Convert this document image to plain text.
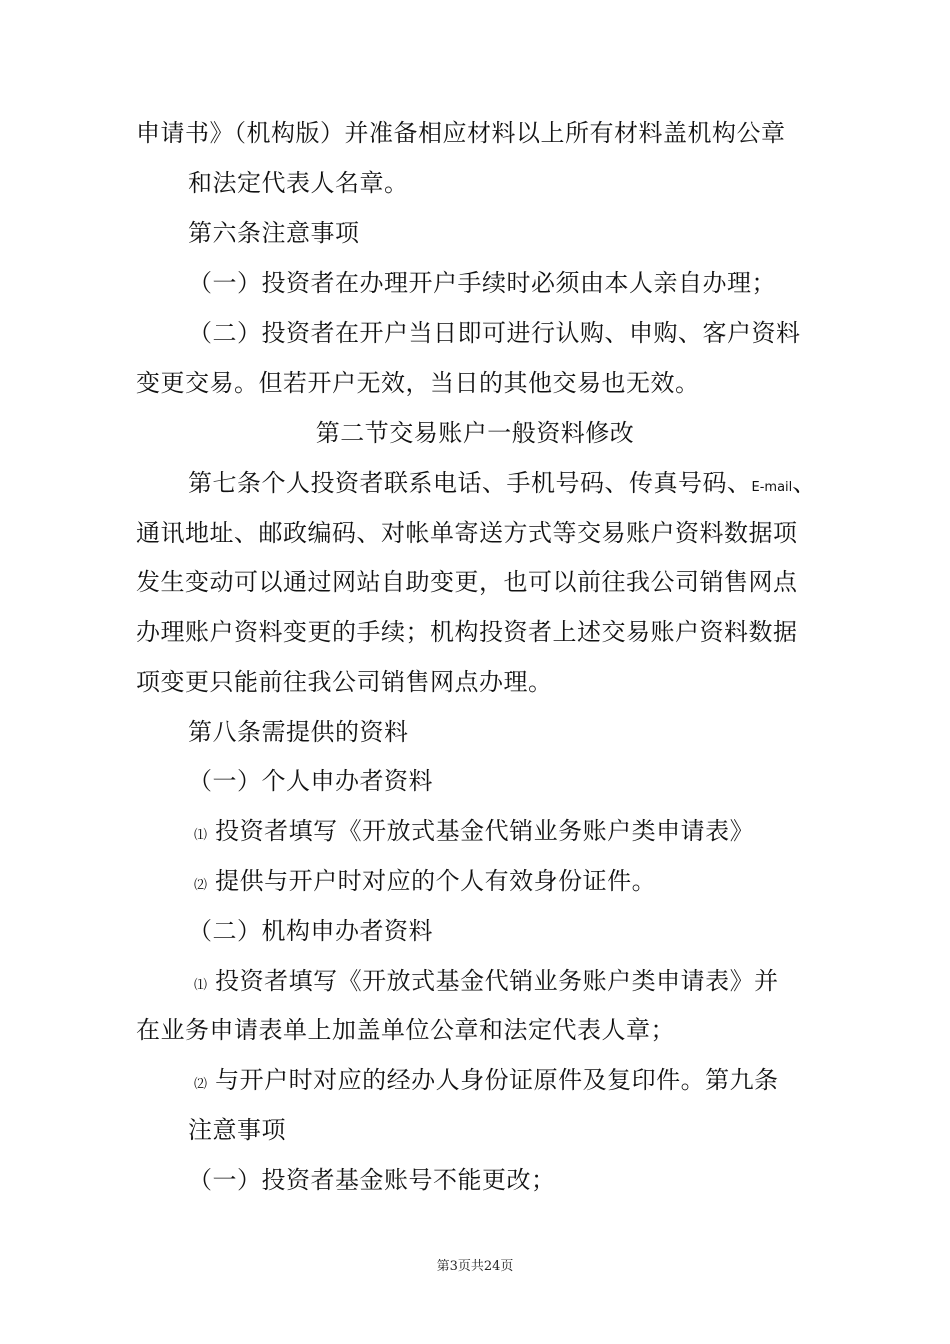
申请书》（机构版）并准备相应材料以上所有材料盖机构公章
和法定代表人名章。
第六条注意事项
（一）投资者在办理开户手续时必须由本人亲自办理；
（二）投资者在开户当日即可进行认购、申购、客户资料
变更交易。但若开户无效，当日的其他交易也无效。
第二节交易账户一般资料修改
第七条个人投资者联系电话、手机号码、传真号码、E-mail、
通讯地址、邮政编码、对帐单寄送方式等交易账户资料数据项
发生变动可以通过网站自助变更，也可以前往我公司销售网点
办理账户资料变更的手续；机构投资者上述交易账户资料数据
项变更只能前往我公司销售网点办理。
第八条需提供的资料
（一）个人申办者资料
⑴ 投资者填写《开放式基金代销业务账户类申请表》
⑵ 提供与开户时对应的个人有效身份证件。
（二）机构申办者资料
⑴ 投资者填写《开放式基金代销业务账户类申请表》并
在业务申请表单上加盖单位公章和法定代表人章；
⑵ 与开户时对应的经办人身份证原件及复印件。第九条
注意事项
（一）投资者基金账号不能更改；
第3页共24页
